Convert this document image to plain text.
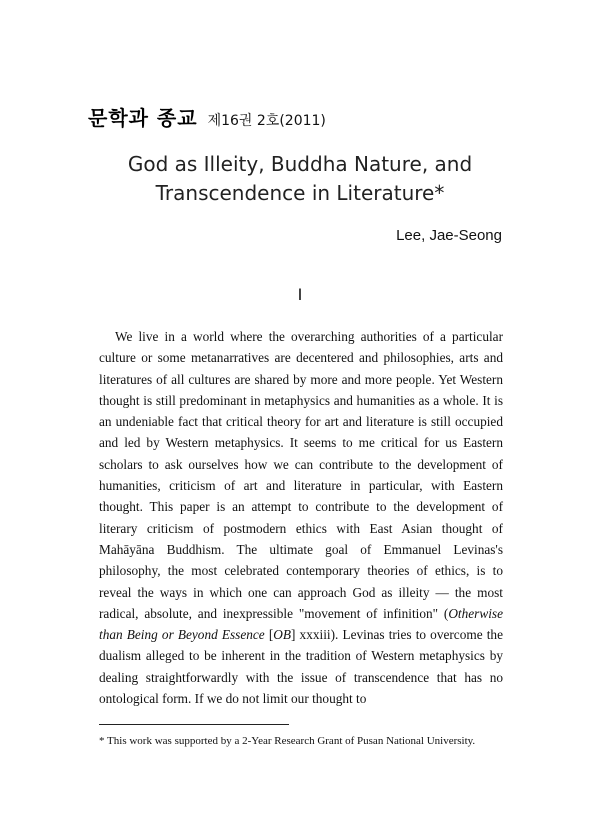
문학과 종교 제16권 2호(2011)
God as Illeity, Buddha Nature, and
Transcendence in Literature*
Lee, Jae-Seong
I

We live in a world where the overarching authorities of a particular culture or some metanarratives are decentered and philosophies, arts and literatures of all cultures are shared by more and more people. Yet Western thought is still predominant in metaphysics and humanities as a whole. It is an undeniable fact that critical theory for art and literature is still occupied and led by Western metaphysics. It seems to me critical for us Eastern scholars to ask ourselves how we can contribute to the development of humanities, criticism of art and literature in particular, with Eastern thought. This paper is an attempt to contribute to the development of literary criticism of postmodern ethics with East Asian thought of Mahāyāna Buddhism. The ultimate goal of Emmanuel Levinas's philosophy, the most celebrated contemporary theories of ethics, is to reveal the ways in which one can approach God as illeity — the most radical, absolute, and inexpressible "movement of infinition" (Otherwise than Being or Beyond Essence [OB] xxxiii). Levinas tries to overcome the dualism alleged to be inherent in the tradition of Western metaphysics by dealing straightforwardly with the issue of transcendence that has no ontological form. If we do not limit our thought to

* This work was supported by a 2-Year Research Grant of Pusan National University.
